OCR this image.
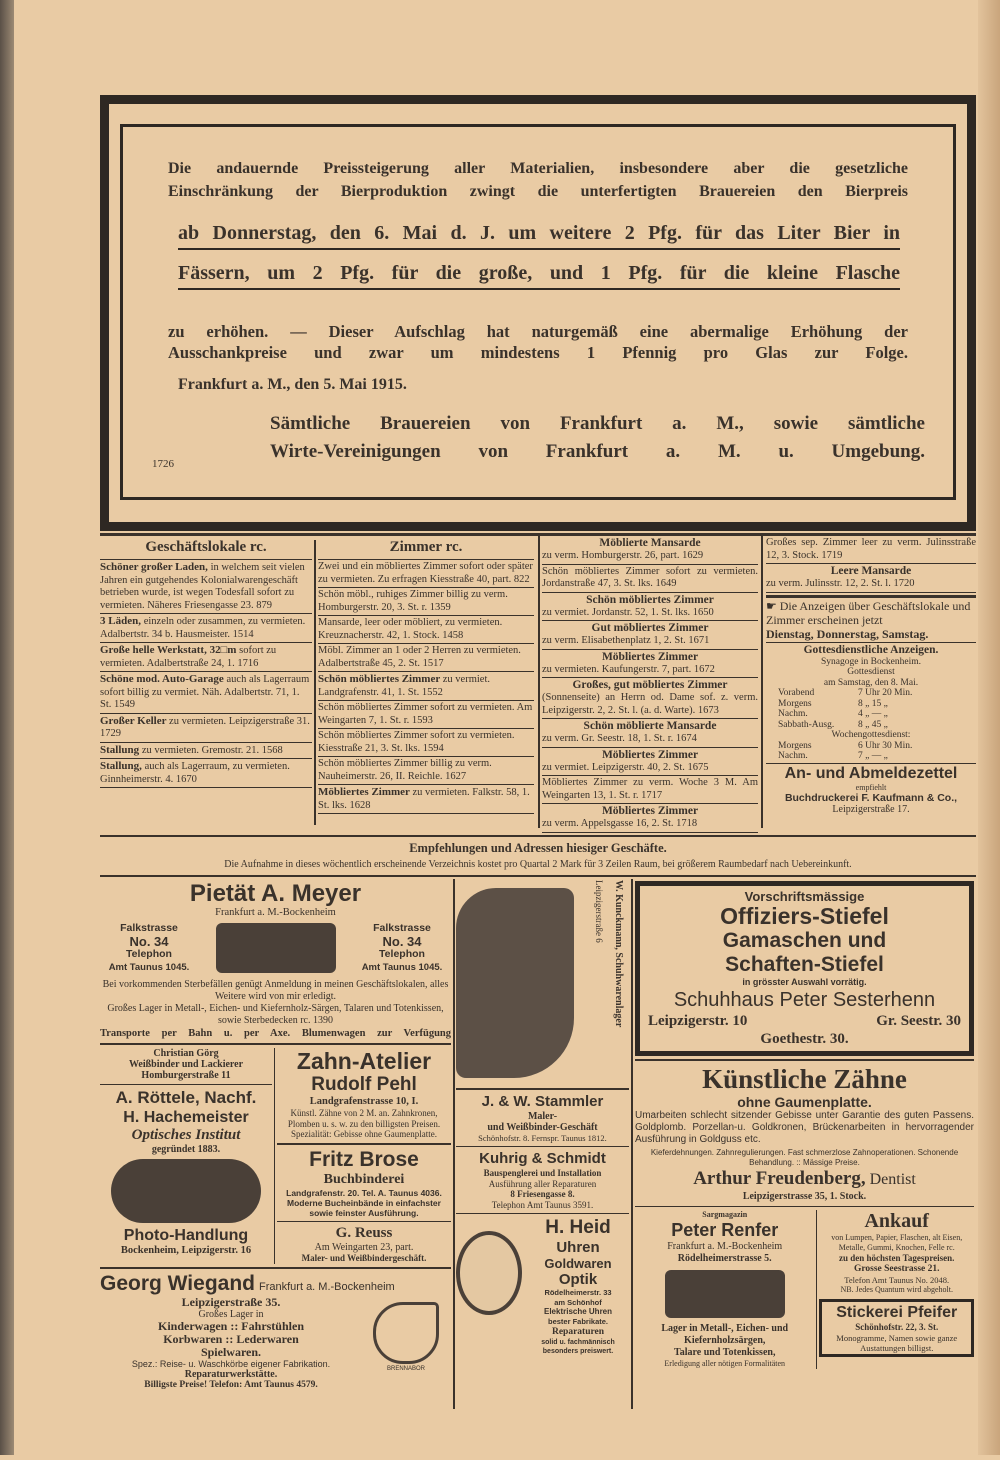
Die andauernde Preissteigerung aller Materialien, insbesondere aber die gesetzliche
Einschränkung der Bierproduktion zwingt die unterfertigten Brauereien den Bierpreis
ab Donnerstag, den 6. Mai d. J. um weitere 2 Pfg. für das Liter Bier in
Fässern, um 2 Pfg. für die große, und 1 Pfg. für die kleine Flasche
zu erhöhen. — Dieser Aufschlag hat naturgemäß eine abermalige Erhöhung der
Ausschankpreise und zwar um mindestens 1 Pfennig pro Glas zur Folge.
Frankfurt a. M., den 5. Mai 1915.
Sämtliche Brauereien von Frankfurt a. M., sowie sämtliche
Wirte-Vereinigungen von Frankfurt a. M. u. Umgebung.
1726
Geschäftslokale rc.
Schöner großer Laden, in welchem seit vielen Jahren ein gutgehendes Kolonialwarengeschäft betrieben wurde, ist wegen Todesfall sofort zu vermieten. Näheres Friesengasse 23. 879
3 Läden, einzeln oder zusammen, zu vermieten. Adalbertstr. 34 b. Hausmeister. 1514
Große helle Werkstatt, 32□m sofort zu vermieten. Adalbertstraße 24, 1. 1716
Schöne mod. Auto-Garage auch als Lagerraum sofort billig zu vermiet. Näh. Adalbertstr. 71, 1. St. 1549
Großer Keller zu vermieten. Leipzigerstraße 31. 1729
Stallung zu vermieten. Gremostr. 21. 1568
Stallung, auch als Lagerraum, zu vermieten. Ginnheimerstr. 4. 1670
Zimmer rc.
Zwei und ein möbliertes Zimmer sofort oder später zu vermieten. Zu erfragen Kiesstraße 40, part. 822
Schön möbl., ruhiges Zimmer billig zu verm. Homburgerstr. 20, 3. St. r. 1359
Mansarde, leer oder möbliert, zu vermieten. Kreuznacherstr. 42, 1. Stock. 1458
Möbl. Zimmer an 1 oder 2 Herren zu vermieten. Adalbertstraße 45, 2. St. 1517
Schön möbliertes Zimmer zu vermiet. Landgrafenstr. 41, 1. St. 1552
Schön möbliertes Zimmer sofort zu vermieten. Am Weingarten 7, 1. St. r. 1593
Schön möbliertes Zimmer sofort zu vermieten. Kiesstraße 21, 3. St. lks. 1594
Schön möbliertes Zimmer billig zu verm. Nauheimerstr. 26, II. Reichle. 1627
Möbliertes Zimmer zu vermieten. Falkstr. 58, 1. St. lks. 1628
Möblierte Mansarde
zu verm. Homburgerstr. 26, part. 1629
Schön möbliertes Zimmer sofort zu vermieten. Jordanstraße 47, 3. St. lks. 1649
Schön möbliertes Zimmer
zu vermiet. Jordanstr. 52, 1. St. lks. 1650
Gut möbliertes Zimmer
zu verm. Elisabethenplatz 1, 2. St. 1671
Möbliertes Zimmer
zu vermieten. Kaufungerstr. 7, part. 1672
Großes, gut möbliertes Zimmer
(Sonnenseite) an Herrn od. Dame sof. z. verm. Leipzigerstr. 2, 2. St. l. (a. d. Warte). 1673
Schön möblierte Mansarde
zu verm. Gr. Seestr. 18, 1. St. r. 1674
Möbliertes Zimmer
zu vermiet. Leipzigerstr. 40, 2. St. 1675
Möbliertes Zimmer zu verm. Woche 3 M. Am Weingarten 13, 1. St. r. 1717
Möbliertes Zimmer
zu verm. Appelsgasse 16, 2. St. 1718
Großes sep. Zimmer leer zu verm. Julinsstraße 12, 3. Stock. 1719
Leere Mansarde
zu verm. Julinsstr. 12, 2. St. l. 1720
☛ Die Anzeigen über Geschäftslokale und Zimmer erscheinen jetzt
Dienstag, Donnerstag, Samstag.
Gottesdienstliche Anzeigen.
Synagoge in Bockenheim.
Gottesdienst
am Samstag, den 8. Mai.
Vorabend	7 Uhr 20 Min.
Morgens	8 „ 15 „
Nachm.	4 „ — „
Sabbath-Ausg.	8 „ 45 „
Wochengottesdienst:
Morgens	6 Uhr 30 Min.
Nachm.	7 „ — „
An- und Abmeldezettel
empfiehlt
Buchdruckerei F. Kaufmann & Co.,
Leipzigerstraße 17.
Empfehlungen und Adressen hiesiger Geschäfte.
Die Aufnahme in dieses wöchentlich erscheinende Verzeichnis kostet pro Quartal 2 Mark für 3 Zeilen Raum, bei größerem Raumbedarf nach Uebereinkunft.
Pietät A. Meyer
Frankfurt a. M.-Bockenheim
Falkstrasse
No. 34
Telephon
Amt Taunus 1045.
Falkstrasse
No. 34
Telephon
Amt Taunus 1045.
Bei vorkommenden Sterbefällen genügt Anmeldung in meinen Geschäftslokalen, alles Weitere wird von mir erledigt.
Großes Lager in Metall-, Eichen- und Kiefernholz-Särgen, Talaren und Totenkissen, sowie Sterbedecken rc. 1390
Transporte per Bahn u. per Axe. Blumenwagen zur Verfügung
Christian Görg
Weißbinder und Lackierer
Homburgerstraße 11
A. Röttele, Nachf.
H. Hachemeister
Optisches Institut
gegründet 1883.
Photo-Handlung
Bockenheim, Leipzigerstr. 16
Zahn-Atelier
Rudolf Pehl
Landgrafenstrasse 10, I.
Künstl. Zähne von 2 M. an. Zahnkronen, Plomben u. s. w. zu den billigsten Preisen. Spezialität: Gebisse ohne Gaumenplatte.
Fritz Brose
Buchbinderei
Landgrafenstr. 20. Tel. A. Taunus 4036.
Moderne Bucheinbände in einfachster sowie feinster Ausführung.
G. Reuss
Am Weingarten 23, part.
Maler- und Weißbindergeschäft.
Georg Wiegand Frankfurt a. M.-Bockenheim
Leipzigerstraße 35.
Großes Lager in
Kinderwagen :: Fahrstühlen
Korbwaren :: Lederwaren
Spielwaren.
Spez.: Reise- u. Waschkörbe eigener Fabrikation.
Reparaturwerkstätte.
Billigste Preise! Telefon: Amt Taunus 4579.
BRENNABOR
Leipzigerstraße 6 W. Kunckmann, Schuhwarenlager
J. & W. Stammler
Maler-
und Weißbinder-Geschäft
Schönhofstr. 8. Fernspr. Taunus 1812.
Kuhrig & Schmidt
Bauspenglerei und Installation
Ausführung aller Reparaturen
8 Friesengasse 8.
Telephon Amt Taunus 3591.
H. Heid
Uhren
Goldwaren
Optik
Rödelheimerstr. 33
am Schönhof
Elektrische Uhren
bester Fabrikate.
Reparaturen
solid u. fachmännisch
besonders preiswert.
Vorschriftsmässige
Offiziers-Stiefel
Gamaschen und
Schaften-Stiefel
in grösster Auswahl vorrätig.
Schuhhaus Peter Sesterhenn
Leipzigerstr. 10	Gr. Seestr. 30
Goethestr. 30.
Künstliche Zähne
ohne Gaumenplatte.
Umarbeiten schlecht sitzender Gebisse unter Garantie des guten Passens. Goldplomb. Porzellan-u. Goldkronen, Brückenarbeiten in hervorragender Ausführung in Goldguss etc.
Kieferdehnungen. Zahnregulierungen. Fast schmerzlose Zahnoperationen. Schonende Behandlung. :: Mässige Preise.
Arthur Freudenberg, Dentist
Leipzigerstrasse 35, 1. Stock.
Sargmagazin
Peter Renfer
Frankfurt a. M.-Bockenheim
Rödelheimerstrasse 5.
Lager in Metall-, Eichen- und Kiefernholzsärgen,
Talare und Totenkissen,
Erledigung aller nötigen Formalitäten
Ankauf
von Lumpen, Papier, Flaschen, alt Eisen, Metalle, Gummi, Knochen, Felle rc.
zu den höchsten Tagespreisen.
Grosse Seestrasse 21.
Telefon Amt Taunus No. 2048.
NB. Jedes Quantum wird abgeholt.
Stickerei Pfeifer
Schönhofstr. 22, 3. St.
Monogramme, Namen sowie ganze Austattungen billigst.
